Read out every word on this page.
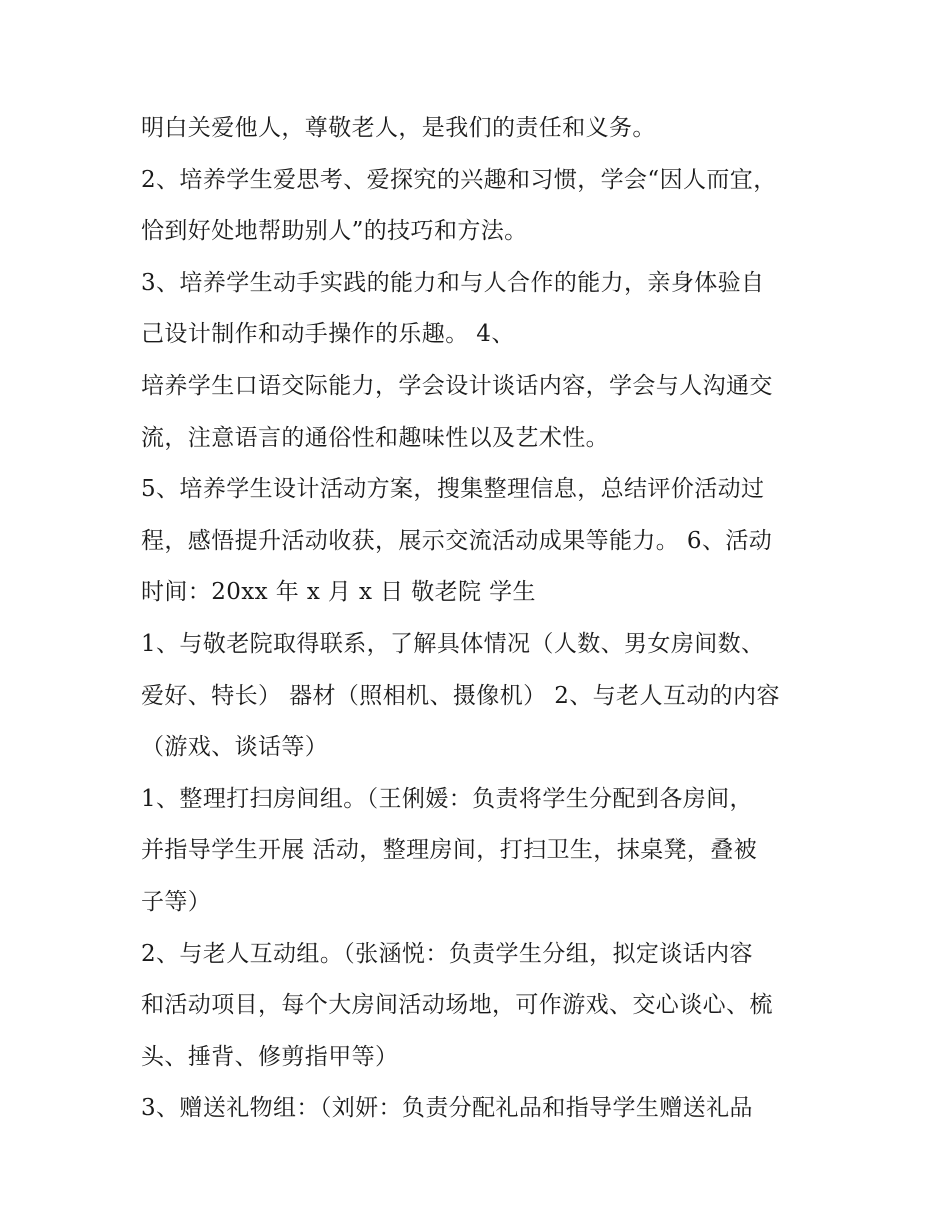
明白关爱他人，尊敬老人，是我们的责任和义务。
2、培养学生爱思考、爱探究的兴趣和习惯，学会“因人而宜，
恰到好处地帮助别人”的技巧和方法。
3、培养学生动手实践的能力和与人合作的能力，亲身体验自
己设计制作和动手操作的乐趣。 4、
培养学生口语交际能力，学会设计谈话内容，学会与人沟通交
流，注意语言的通俗性和趣味性以及艺术性。
5、培养学生设计活动方案，搜集整理信息，总结评价活动过
程，感悟提升活动收获，展示交流活动成果等能力。 6、活动
时间：20xx 年 x 月 x 日 敬老院 学生
1、与敬老院取得联系，了解具体情况（人数、男女房间数、
爱好、特长） 器材（照相机、摄像机） 2、与老人互动的内容
（游戏、谈话等）
1、整理打扫房间组。（王俐媛：负责将学生分配到各房间，
并指导学生开展 活动，整理房间，打扫卫生，抹桌凳，叠被
子等）
2、与老人互动组。（张涵悦：负责学生分组，拟定谈话内容
和活动项目，每个大房间活动场地，可作游戏、交心谈心、梳
头、捶背、修剪指甲等）
3、赠送礼物组：（刘妍：负责分配礼品和指导学生赠送礼品
